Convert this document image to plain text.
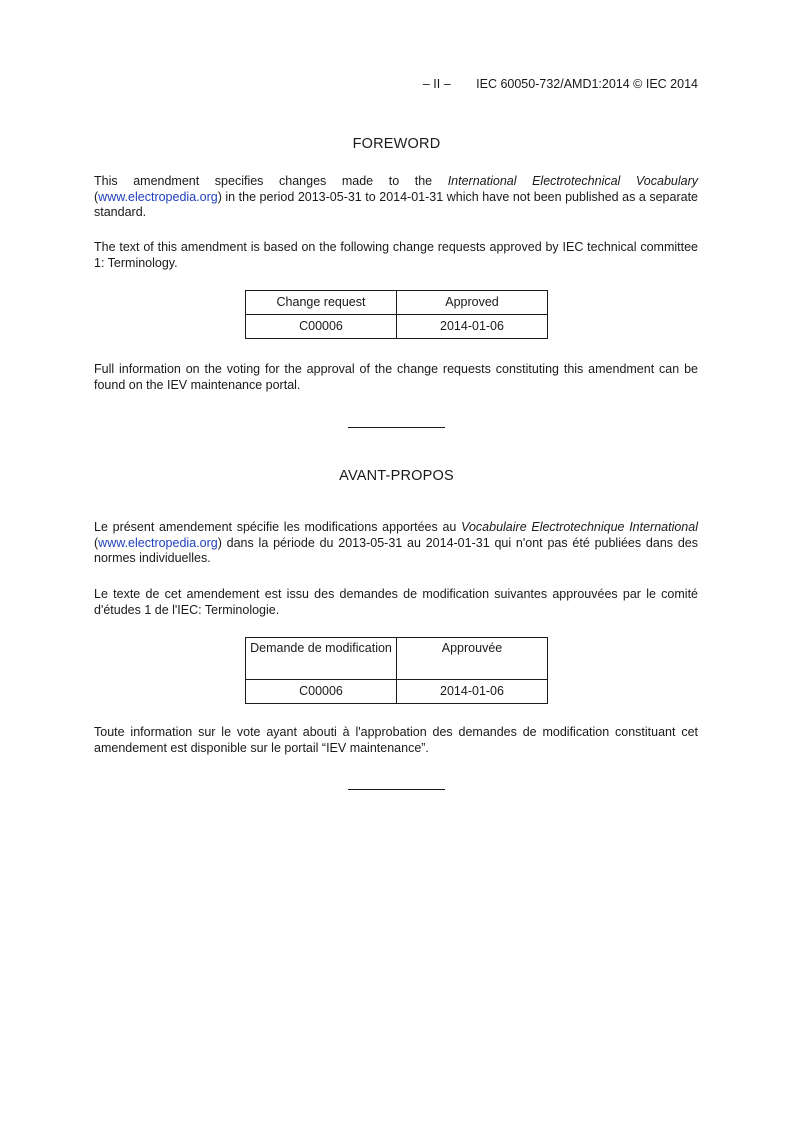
– II – IEC 60050-732/AMD1:2014 © IEC 2014
FOREWORD
This amendment specifies changes made to the International Electrotechnical Vocabulary (www.electropedia.org) in the period 2013-05-31 to 2014-01-31 which have not been published as a separate standard.
The text of this amendment is based on the following change requests approved by IEC technical committee 1: Terminology.
Change request	Approved
C00006	2014-01-06
Full information on the voting for the approval of the change requests constituting this amendment can be found on the IEV maintenance portal.
AVANT-PROPOS
Le présent amendement spécifie les modifications apportées au Vocabulaire Electrotechnique International (www.electropedia.org) dans la période du 2013-05-31 au 2014-01-31 qui n'ont pas été publiées dans des normes individuelles.
Le texte de cet amendement est issu des demandes de modification suivantes approuvées par le comité d'études 1 de l'IEC: Terminologie.
Demande de modification	Approuvée
C00006	2014-01-06
Toute information sur le vote ayant abouti à l'approbation des demandes de modification constituant cet amendement est disponible sur le portail “IEV maintenance”.
